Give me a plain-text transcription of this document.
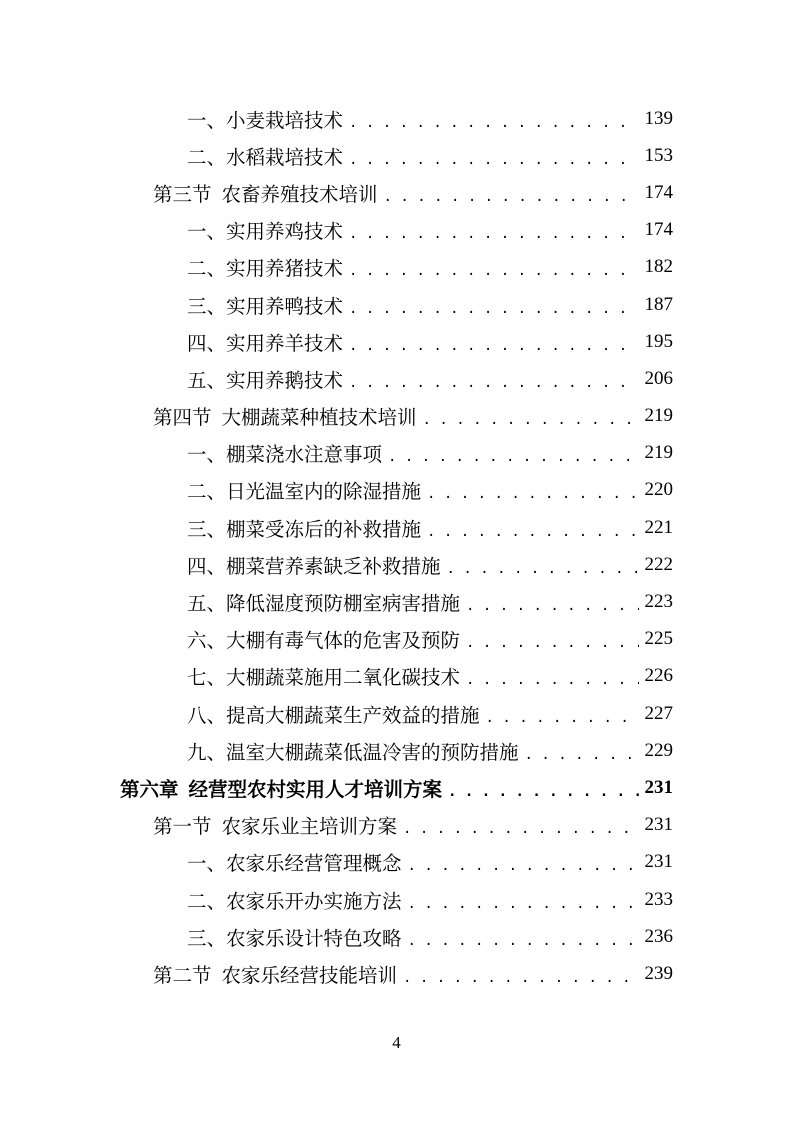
一、小麦栽培技术 . . .	139
二、水稻栽培技术 . . .	153
第三节 农畜养殖技术培训 . . .	174
一、实用养鸡技术 . . .	174
二、实用养猪技术 . . .	182
三、实用养鸭技术 . . .	187
四、实用养羊技术 . . .	195
五、实用养鹅技术 . . .	206
第四节 大棚蔬菜种植技术培训 . . .	219
一、棚菜浇水注意事项 . . .	219
二、日光温室内的除湿措施 . . .	220
三、棚菜受冻后的补救措施 . . .	221
四、棚菜营养素缺乏补救措施 . . .	222
五、降低湿度预防棚室病害措施 . . .	223
六、大棚有毒气体的危害及预防 . . .	225
七、大棚蔬菜施用二氧化碳技术 . . .	226
八、提高大棚蔬菜生产效益的措施 . . .	227
九、温室大棚蔬菜低温冷害的预防措施 . . .	229
第六章 经营型农村实用人才培训方案 . . .	231
第一节 农家乐业主培训方案 . . .	231
一、农家乐经营管理概念 . . .	231
二、农家乐开办实施方法 . . .	233
三、农家乐设计特色攻略 . . .	236
第二节 农家乐经营技能培训 . . .	239
4
